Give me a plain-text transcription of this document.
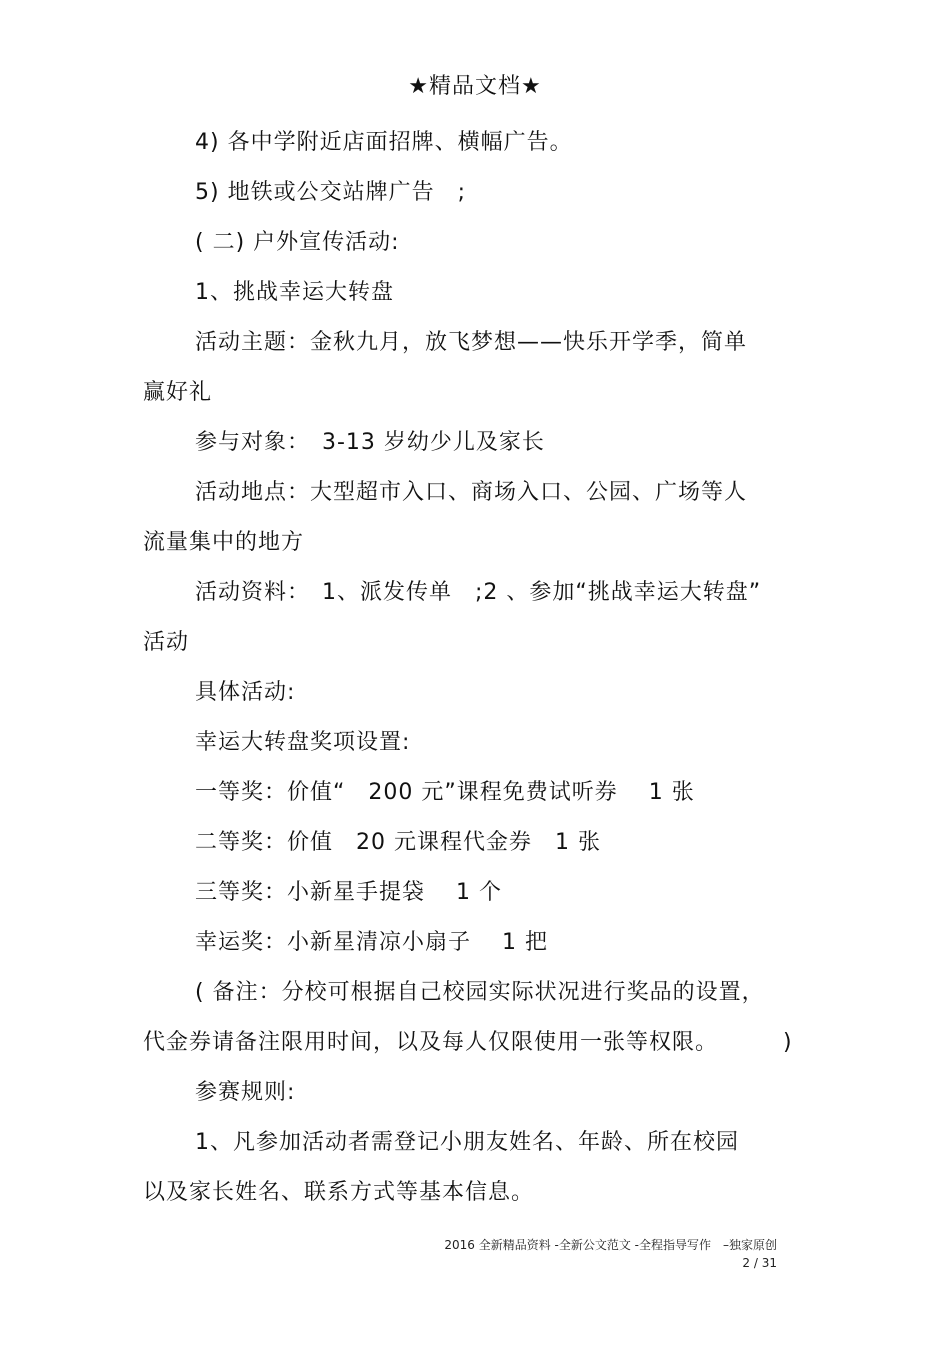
★精品文档★
4) 各中学附近店面招牌、横幅广告。
5) 地铁或公交站牌广告　;
( 二) 户外宣传活动:
1、挑战幸运大转盘
活动主题：金秋九月，放飞梦想——快乐开学季，简单
赢好礼
参与对象：　3-13 岁幼少儿及家长
活动地点：大型超市入口、商场入口、公园、广场等人
流量集中的地方
活动资料：　1、派发传单　;2 、参加“挑战幸运大转盘”
活动
具体活动:
幸运大转盘奖项设置:
一等奖：价值“　200 元”课程免费试听券　 1 张
二等奖：价值　20 元课程代金券　1 张
三等奖：小新星手提袋　 1 个
幸运奖：小新星清凉小扇子　 1 把
( 备注：分校可根据自己校园实际状况进行奖品的设置，
代金券请备注限用时间，以及每人仅限使用一张等权限。	)
参赛规则:
1、凡参加活动者需登记小朋友姓名、年龄、所在校园
以及家长姓名、联系方式等基本信息。
2016 全新精品资料 -全新公文范文 -全程指导写作　–独家原创
2 / 31
